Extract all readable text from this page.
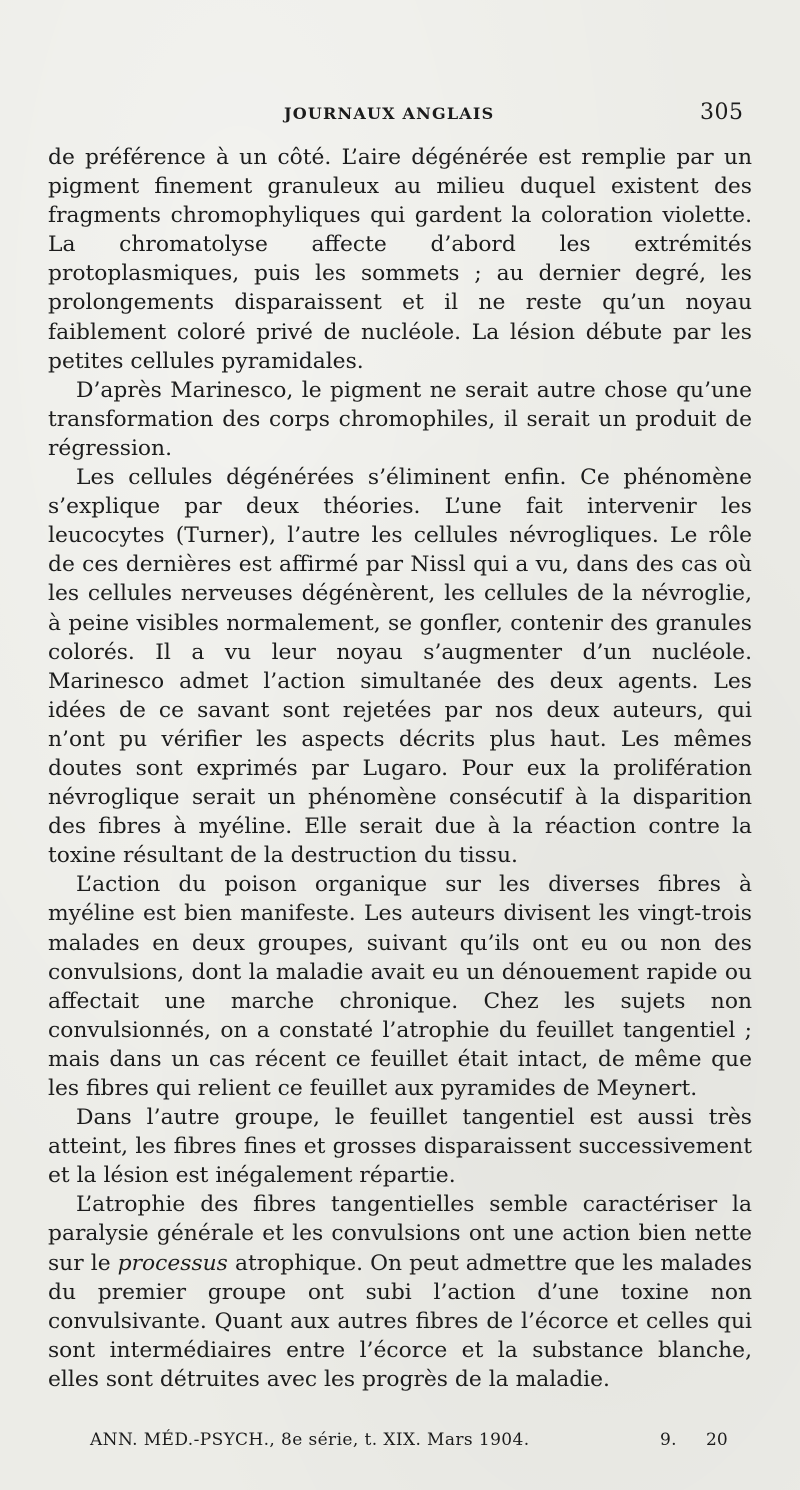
JOURNAUX ANGLAIS	305

de préférence à un côté. L’aire dégénérée est remplie par un pigment finement granuleux au milieu duquel existent des fragments chromophyliques qui gardent la coloration violette. La chromatolyse affecte d’abord les extrémités protoplasmiques, puis les sommets ; au dernier degré, les prolongements disparaissent et il ne reste qu’un noyau faiblement coloré privé de nucléole. La lésion débute par les petites cellules pyramidales.

D’après Marinesco, le pigment ne serait autre chose qu’une transformation des corps chromophiles, il serait un produit de régression.

Les cellules dégénérées s’éliminent enfin. Ce phénomène s’explique par deux théories. L’une fait intervenir les leucocytes (Turner), l’autre les cellules névrogliques. Le rôle de ces dernières est affirmé par Nissl qui a vu, dans des cas où les cellules nerveuses dégénèrent, les cellules de la névroglie, à peine visibles normalement, se gonfler, contenir des granules colorés. Il a vu leur noyau s’augmenter d’un nucléole. Marinesco admet l’action simultanée des deux agents. Les idées de ce savant sont rejetées par nos deux auteurs, qui n’ont pu vérifier les aspects décrits plus haut. Les mêmes doutes sont exprimés par Lugaro. Pour eux la prolifération névroglique serait un phénomène consécutif à la disparition des fibres à myéline. Elle serait due à la réaction contre la toxine résultant de la destruction du tissu.

L’action du poison organique sur les diverses fibres à myéline est bien manifeste. Les auteurs divisent les vingt-trois malades en deux groupes, suivant qu’ils ont eu ou non des convulsions, dont la maladie avait eu un dénouement rapide ou affectait une marche chronique. Chez les sujets non convulsionnés, on a constaté l’atrophie du feuillet tangentiel ; mais dans un cas récent ce feuillet était intact, de même que les fibres qui relient ce feuillet aux pyramides de Meynert.

Dans l’autre groupe, le feuillet tangentiel est aussi très atteint, les fibres fines et grosses disparaissent successivement et la lésion est inégalement répartie.

L’atrophie des fibres tangentielles semble caractériser la paralysie générale et les convulsions ont une action bien nette sur le processus atrophique. On peut admettre que les malades du premier groupe ont subi l’action d’une toxine non convulsivante. Quant aux autres fibres de l’écorce et celles qui sont intermédiaires entre l’écorce et la substance blanche, elles sont détruites avec les progrès de la maladie.

ANN. MÉD.-PSYCH., 8e série, t. XIX. Mars 1904.	9. 20
